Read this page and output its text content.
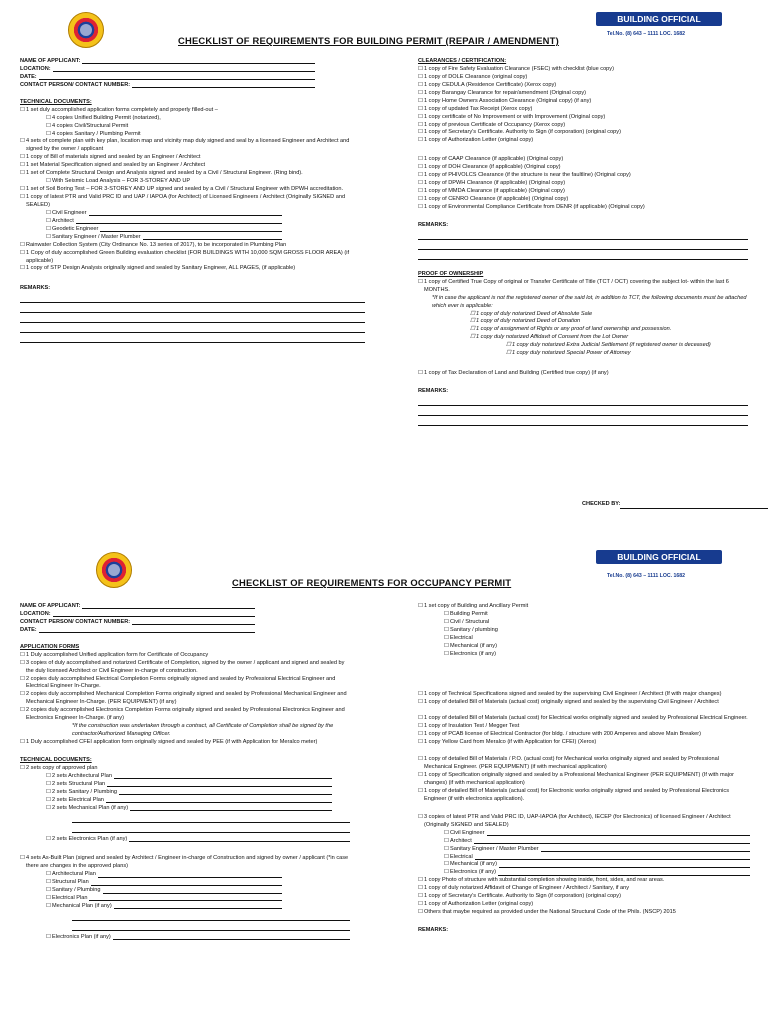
CHECKLIST OF REQUIREMENTS FOR BUILDING PERMIT (REPAIR / AMENDMENT)
BUILDING OFFICIAL
Tel.No. (8) 643 – 1111 LOC. 1682
NAME OF APPLICANT:
LOCATION:
DATE:
CONTACT PERSON/ CONTACT NUMBER:
TECHNICAL DOCUMENTS:
☐ 1 set duly accomplished application forms completely and properly filled-out –
☐ 4 copies Unified Building Permit (notarized),
☐ 4 copies Civil/Structural Permit
☐ 4 copies Sanitary / Plumbing Permit
☐ 4 sets of complete plan with key plan, location map and vicinity map duly signed and seal by a licensed Engineer and Architect and signed by the owner / applicant
☐ 1 copy of Bill of materials signed and sealed by an Engineer / Architect
☐ 1 set Material Specification signed and sealed by an Engineer / Architect
☐ 1 set of Complete Structural Design and Analysis signed and sealed by a Civil / Structural Engineer. (Ring bind).
☐ With Seismic Load Analysis – FOR 3-STOREY AND UP
☐ 1 set of Soil Boring Test – FOR 3-STOREY AND UP signed and sealed by a Civil / Structural Engineer with DPWH accreditation.
☐ 1 copy of latest PTR and Valid PRC ID and UAP / IAPOA (for Architect) of Licensed Engineers / Architect (Originally SIGNED and SEALED)
☐ Civil Engineer
☐ Architect
☐ Geodetic Engineer
☐ Sanitary Engineer / Master Plumber
☐ Rainwater Collection System (City Ordinance No. 13 series of 2017), to be incorporated in Plumbing Plan
☐ 1 Copy of duly accomplished Green Building evaluation checklist (FOR BUILDINGS WITH 10,000 SQM GROSS FLOOR AREA) (if applicable)
☐ 1 copy of STP Design Analysis originally signed and sealed by Sanitary Engineer, ALL PAGES, (if applicable)
REMARKS:
CLEARANCES / CERTIFICATION:
☐ 1 copy of Fire Safety Evaluation Clearance (FSEC) with checklist (blue copy)
☐ 1 copy of DOLE Clearance (original copy)
☐ 1 copy CEDULA (Residence Certificate) (Xerox copy)
☐ 1 copy Barangay Clearance for repair/amendment (Original copy)
☐ 1 copy Home Owners Association Clearance (Original copy) (if any)
☐ 1 copy of updated Tax Receipt (Xerox copy)
☐ 1 copy certificate of No Improvement or with Improvement (Original copy)
☐ 1 copy of previous Certificate of Occupancy (Xerox copy)
☐ 1 copy of Secretary's Certificate. Authority to Sign (if corporation) (original copy)
☐ 1 copy of Authorization Letter (original copy)
☐ 1 copy of CAAP Clearance (if applicable) (Original copy)
☐ 1 copy of DOH Clearance (if applicable) (Original copy)
☐ 1 copy of PHIVOLCS Clearance (if the structure is near the faultline) (Original copy)
☐ 1 copy of DPWH Clearance (if applicable) (Original copy)
☐ 1 copy of MMDA Clearance (if applicable) (Original copy)
☐ 1 copy of CENRO Clearance (if applicable) (Original copy)
☐ 1 copy of Environmental Compliance Certificate from DENR (if applicable) (Original copy)
REMARKS:
PROOF OF OWNERSHIP
☐ 1 copy of Certified True Copy of original or Transfer Certificate of Title (TCT / OCT) covering the subject lot- within the last 6 MONTHS.
*If in case the applicant is not the registered owner of the said lot, in addition to TCT, the following documents must be attached which ever is applicable:
☐ 1 copy of duly notarized Deed of Absolute Sale
☐ 1 copy of duly notarized Deed of Donation
☐ 1 copy of assignment of Rights or any proof of land ownership and possession.
☐ 1 copy duly notarized Affidavit of Consent from the Lot Owner
☐ 1 copy duly notarized Extra Judicial Settlement (if registered owner is deceased)
☐ 1 copy duly notarized Special Power of Attorney
☐ 1 copy of Tax Declaration of Land and Building (Certified true copy) (if any)
REMARKS:
CHECKED BY:
CHECKLIST OF REQUIREMENTS FOR OCCUPANCY PERMIT
BUILDING OFFICIAL
Tel.No. (8) 643 – 1111 LOC. 1682
NAME OF APPLICANT:
LOCATION:
CONTACT PERSON/ CONTACT NUMBER:
DATE:
APPLICATION FORMS
☐ 1 Duly accomplished Unified application form for Certificate of Occupancy
☐ 3 copies of duly accomplished and notarized Certificate of Completion, signed by the owner / applicant and signed and sealed by the duly licensed Architect or Civil Engineer in-charge of construction.
☐ 2 copies duly accomplished Electrical Completion Forms originally signed and sealed by Professional Electrical Engineer and Electrical Engineer In-Charge.
☐ 2 copies duly accomplished Mechanical Completion Forms originally signed and sealed by Professional Mechanical Engineer and Mechanical Engineer In-Charge. (PER EQUIPMENT) (if any)
☐ 2 copies duly accomplished Electronics Completion Forms originally signed and sealed by Professional Electronics Engineer and Electronics Engineer In-Charge. (if any)
*If the construction was undertaken through a contract, all Certificate of Completion shall be signed by the contractor/Authorized Managing Officer.
☐ 1 Duly accomplished CFEI application form originally signed and sealed by PEE (if with Application for Meralco meter)
TECHNICAL DOCUMENTS:
☐ 2 sets copy of approved plan
☐ 2 sets Architectural Plan
☐ 2 sets Structural Plan
☐ 2 sets Sanitary / Plumbing
☐ 2 sets Electrical Plan
☐ 2 sets Mechanical Plan (if any)
☐ 2 sets Electronics Plan (if any)
☐ 4 sets As-Built Plan (signed and sealed by Architect / Engineer in-charge of Construction and signed by owner / applicant (*in case there are changes in the approved plans)
☐ Architectural Plan
☐ Structural Plan
☐ Sanitary / Plumbing
☐ Electrical Plan
☐ Mechanical Plan (if any)
☐ Electronics Plan (if any)
☐ 1 set copy of Building and Ancillary Permit
☐ Building Permit
☐ Civil / Structural
☐ Sanitary / plumbing
☐ Electrical
☐ Mechanical (if any)
☐ Electronics (if any)
☐ 1 copy of Technical Specifications signed and sealed by the supervising Civil Engineer / Architect (If with major changes)
☐ 1 copy of detailed Bill of Materials (actual cost) originally signed and sealed by the supervising Civil Engineer / Architect
☐ 1 copy of detailed Bill of Materials (actual cost) for Electrical works originally signed and sealed by Professional Electrical Engineer.
☐ 1 copy of Insulation Test / Megger Test
☐ 1 copy of PCAB license of Electrical Contractor (for bldg. / structure with 200 Amperes and above Main Breaker)
☐ 1 copy Yellow Card from Meralco (if with Application for CFEI) (Xerox)
☐ 1 copy of detailed Bill of Materials / P.O. (actual cost) for Mechanical works originally signed and sealed by Professional Mechanical Engineer. (PER EQUIPMENT) (if with mechanical application)
☐ 1 copy of Specification originally signed and sealed by a Professional Mechanical Engineer (PER EQUIPMENT) (If with major changes) (if with mechanical application)
☐ 1 copy of detailed Bill of Materials (actual cost) for Electronic works originally signed and sealed by Professional Electronics Engineer (if with electronics application).
☐ 3 copies of latest PTR and Valid PRC ID, UAP-IAPOA (for Architect), IECEP (for Electronics) of licensed Engineer / Architect (Originally SIGNED and SEALED)
☐ Civil Engineer
☐ Architect
☐ Sanitary Engineer / Master Plumber
☐ Electrical
☐ Mechanical (if any)
☐ Electronics (if any)
☐ 1 copy Photo of structure with substantial completion showing inside, front, sides, and rear areas.
☐ 1 copy of duly notarized Affidavit of Change of Engineer / Architect / Sanitary, if any
☐ 1 copy of Secretary's Certificate. Authority to Sign (if corporation) (original copy)
☐ 1 copy of Authorization Letter (original copy)
☐ Others that maybe required as provided under the National Structural Code of the Phils. (NSCP) 2015
REMARKS:
